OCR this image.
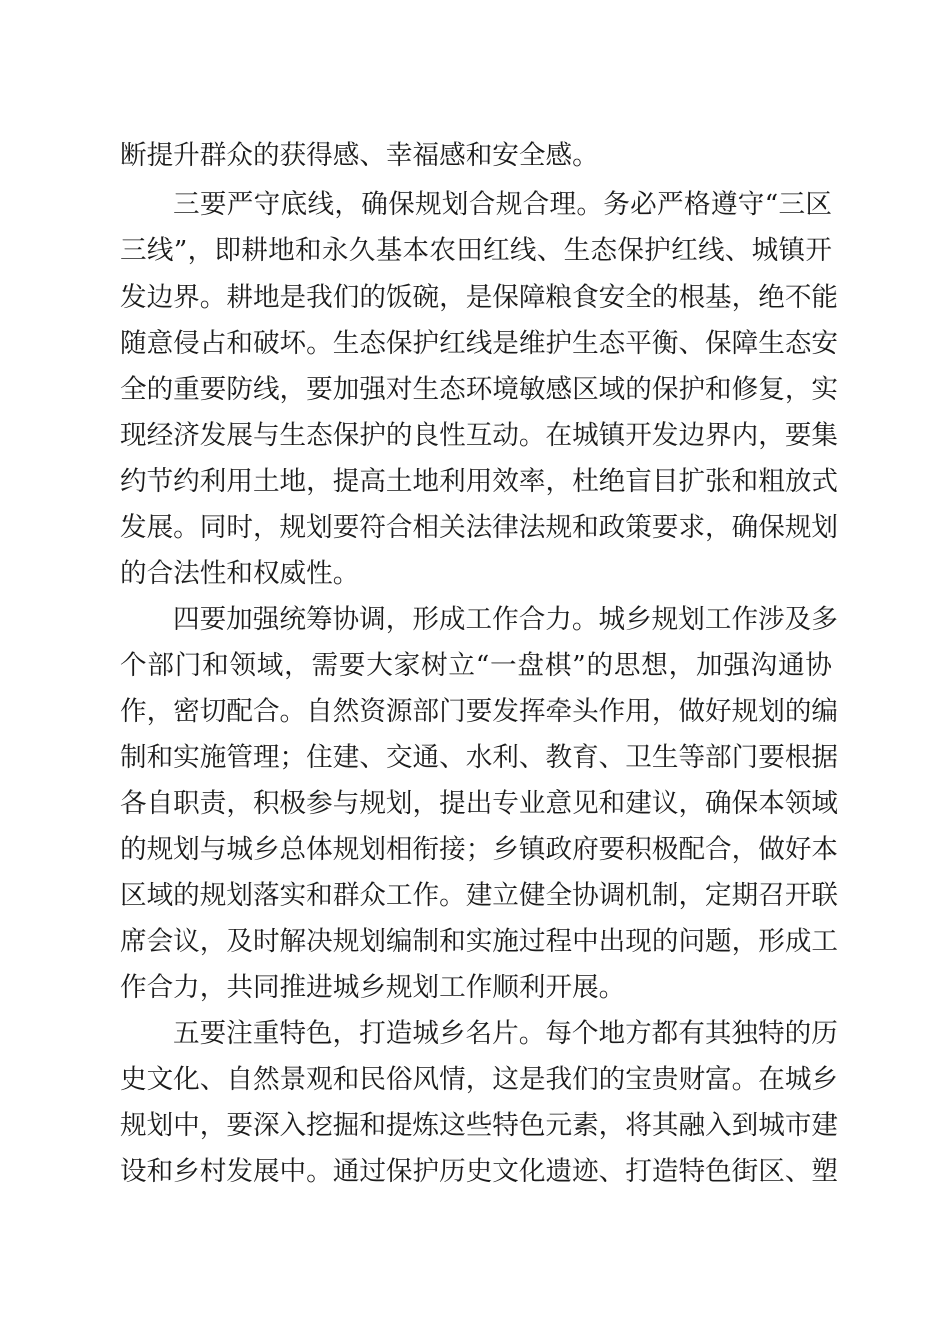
断提升群众的获得感、幸福感和安全感。
三要严守底线，确保规划合规合理。务必严格遵守“三区
三线”，即耕地和永久基本农田红线、生态保护红线、城镇开
发边界。耕地是我们的饭碗，是保障粮食安全的根基，绝不能
随意侵占和破坏。生态保护红线是维护生态平衡、保障生态安
全的重要防线，要加强对生态环境敏感区域的保护和修复，实
现经济发展与生态保护的良性互动。在城镇开发边界内，要集
约节约利用土地，提高土地利用效率，杜绝盲目扩张和粗放式
发展。同时，规划要符合相关法律法规和政策要求，确保规划
的合法性和权威性。
四要加强统筹协调，形成工作合力。城乡规划工作涉及多
个部门和领域，需要大家树立“一盘棋”的思想，加强沟通协
作，密切配合。自然资源部门要发挥牵头作用，做好规划的编
制和实施管理；住建、交通、水利、教育、卫生等部门要根据
各自职责，积极参与规划，提出专业意见和建议，确保本领域
的规划与城乡总体规划相衔接；乡镇政府要积极配合，做好本
区域的规划落实和群众工作。建立健全协调机制，定期召开联
席会议，及时解决规划编制和实施过程中出现的问题，形成工
作合力，共同推进城乡规划工作顺利开展。
五要注重特色，打造城乡名片。每个地方都有其独特的历
史文化、自然景观和民俗风情，这是我们的宝贵财富。在城乡
规划中，要深入挖掘和提炼这些特色元素，将其融入到城市建
设和乡村发展中。通过保护历史文化遗迹、打造特色街区、塑
